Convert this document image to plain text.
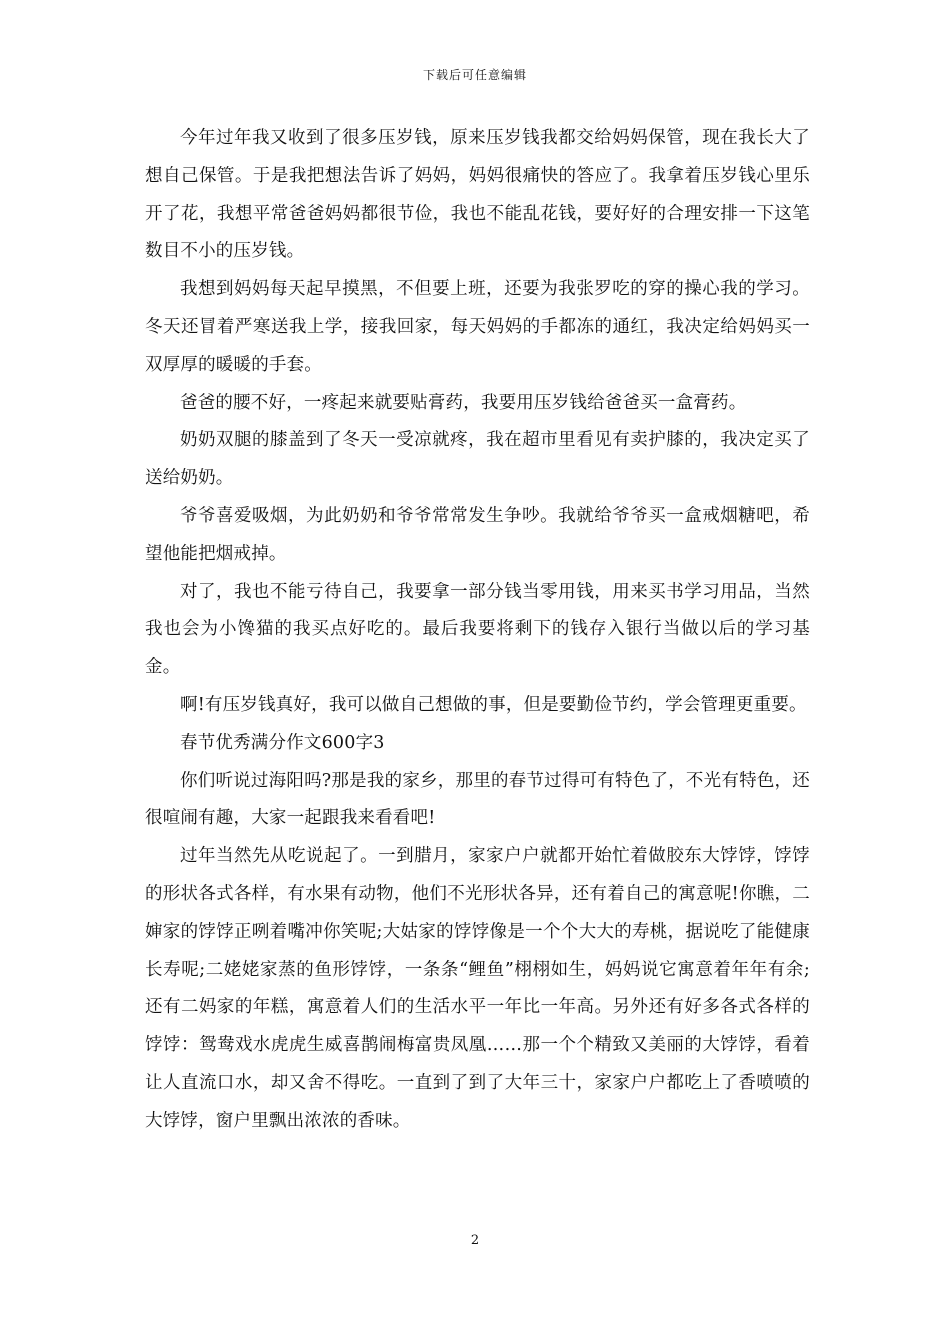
下载后可任意编辑

今年过年我又收到了很多压岁钱，原来压岁钱我都交给妈妈保管，现在我长大了想自己保管。于是我把想法告诉了妈妈，妈妈很痛快的答应了。我拿着压岁钱心里乐开了花，我想平常爸爸妈妈都很节俭，我也不能乱花钱，要好好的合理安排一下这笔数目不小的压岁钱。

我想到妈妈每天起早摸黑，不但要上班，还要为我张罗吃的穿的操心我的学习。冬天还冒着严寒送我上学，接我回家，每天妈妈的手都冻的通红，我决定给妈妈买一双厚厚的暖暖的手套。

爸爸的腰不好，一疼起来就要贴膏药，我要用压岁钱给爸爸买一盒膏药。

奶奶双腿的膝盖到了冬天一受凉就疼，我在超市里看见有卖护膝的，我决定买了送给奶奶。

爷爷喜爱吸烟，为此奶奶和爷爷常常发生争吵。我就给爷爷买一盒戒烟糖吧，希望他能把烟戒掉。

对了，我也不能亏待自己，我要拿一部分钱当零用钱，用来买书学习用品，当然我也会为小馋猫的我买点好吃的。最后我要将剩下的钱存入银行当做以后的学习基金。

啊!有压岁钱真好，我可以做自己想做的事，但是要勤俭节约，学会管理更重要。

春节优秀满分作文600字3

你们听说过海阳吗?那是我的家乡，那里的春节过得可有特色了，不光有特色，还很喧闹有趣，大家一起跟我来看看吧!

过年当然先从吃说起了。一到腊月，家家户户就都开始忙着做胶东大饽饽，饽饽的形状各式各样，有水果有动物，他们不光形状各异，还有着自己的寓意呢!你瞧，二婶家的饽饽正咧着嘴冲你笑呢;大姑家的饽饽像是一个个大大的寿桃，据说吃了能健康长寿呢;二姥姥家蒸的鱼形饽饽，一条条“鲤鱼”栩栩如生，妈妈说它寓意着年年有余;还有二妈家的年糕，寓意着人们的生活水平一年比一年高。另外还有好多各式各样的饽饽：鸳鸯戏水虎虎生威喜鹊闹梅富贵凤凰……那一个个精致又美丽的大饽饽，看着让人直流口水，却又舍不得吃。一直到了到了大年三十，家家户户都吃上了香喷喷的大饽饽，窗户里飘出浓浓的香味。

2
